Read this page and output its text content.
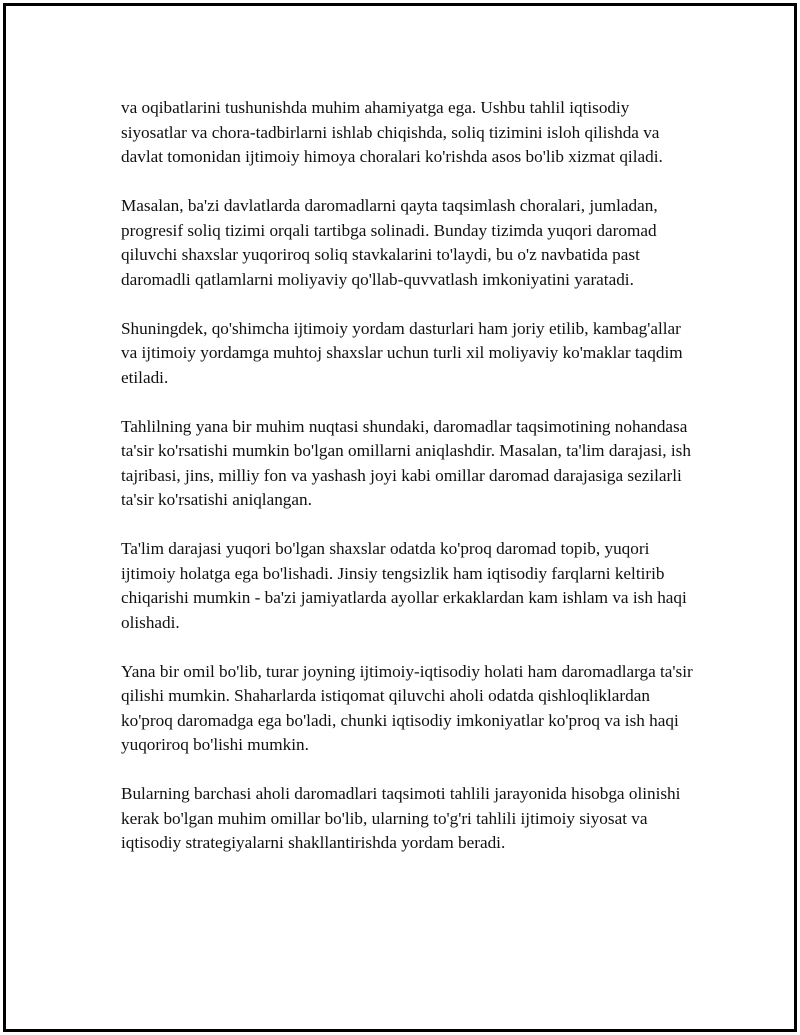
va oqibatlarini tushunishda muhim ahamiyatga ega. Ushbu tahlil iqtisodiy siyosatlar va chora-tadbirlarni ishlab chiqishda, soliq tizimini isloh qilishda va davlat tomonidan ijtimoiy himoya choralari ko'rishda asos bo'lib xizmat qiladi.

Masalan, ba'zi davlatlarda daromadlarni qayta taqsimlash choralari, jumladan, progresif soliq tizimi orqali tartibga solinadi. Bunday tizimda yuqori daromad qiluvchi shaxslar yuqoriroq soliq stavkalarini to'laydi, bu o'z navbatida past daromadli qatlamlarni moliyaviy qo'llab-quvvatlash imkoniyatini yaratadi.

Shuningdek, qo'shimcha ijtimoiy yordam dasturlari ham joriy etilib, kambag'allar va ijtimoiy yordamga muhtoj shaxslar uchun turli xil moliyaviy ko'maklar taqdim etiladi.

Tahlilning yana bir muhim nuqtasi shundaki, daromadlar taqsimotining nohandasa ta'sir ko'rsatishi mumkin bo'lgan omillarni aniqlashdir. Masalan, ta'lim darajasi, ish tajribasi, jins, milliy fon va yashash joyi kabi omillar daromad darajasiga sezilarli ta'sir ko'rsatishi aniqlangan.

Ta'lim darajasi yuqori bo'lgan shaxslar odatda ko'proq daromad topib, yuqori ijtimoiy holatga ega bo'lishadi. Jinsiy tengsizlik ham iqtisodiy farqlarni keltirib chiqarishi mumkin - ba'zi jamiyatlarda ayollar erkaklardan kam ishlam va ish haqi olishadi.

Yana bir omil bo'lib, turar joyning ijtimoiy-iqtisodiy holati ham daromadlarga ta'sir qilishi mumkin. Shaharlarda istiqomat qiluvchi aholi odatda qishloqliklardan ko'proq daromadga ega bo'ladi, chunki iqtisodiy imkoniyatlar ko'proq va ish haqi yuqoriroq bo'lishi mumkin.

Bularning barchasi aholi daromadlari taqsimoti tahlili jarayonida hisobga olinishi kerak bo'lgan muhim omillar bo'lib, ularning to'g'ri tahlili ijtimoiy siyosat va iqtisodiy strategiyalarni shakllantirishda yordam beradi.
